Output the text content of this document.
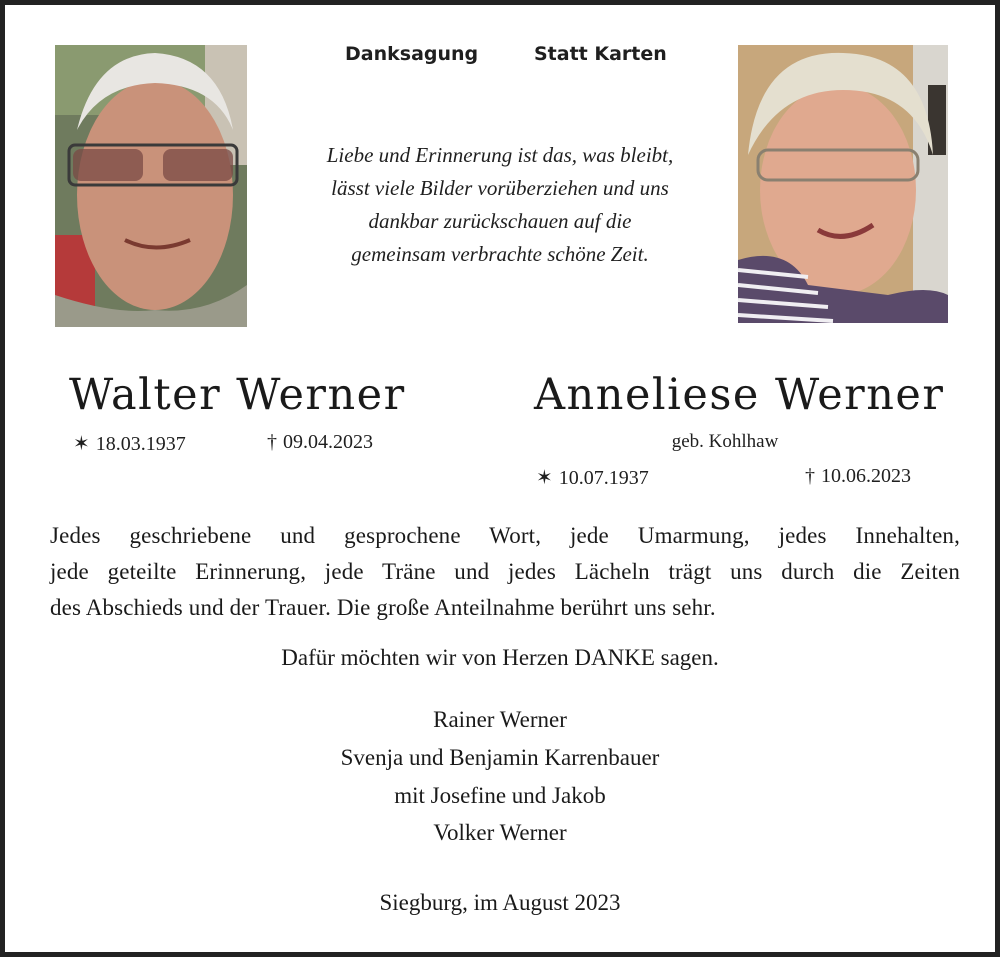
Danksagung	Statt Karten
Liebe und Erinnerung ist das, was bleibt,
lässt viele Bilder vorüberziehen und uns
dankbar zurückschauen auf die
gemeinsam verbrachte schöne Zeit.
Walter Werner	Anneliese Werner
✶ 18.03.1937	† 09.04.2023	geb. Kohlhaw
✶ 10.07.1937	† 10.06.2023
Jedes geschriebene und gesprochene Wort, jede Umarmung, jedes Innehalten,
jede geteilte Erinnerung, jede Träne und jedes Lächeln trägt uns durch die Zeiten
des Abschieds und der Trauer. Die große Anteilnahme berührt uns sehr.
Dafür möchten wir von Herzen DANKE sagen.
Rainer Werner
Svenja und Benjamin Karrenbauer
mit Josefine und Jakob
Volker Werner
Siegburg, im August 2023
